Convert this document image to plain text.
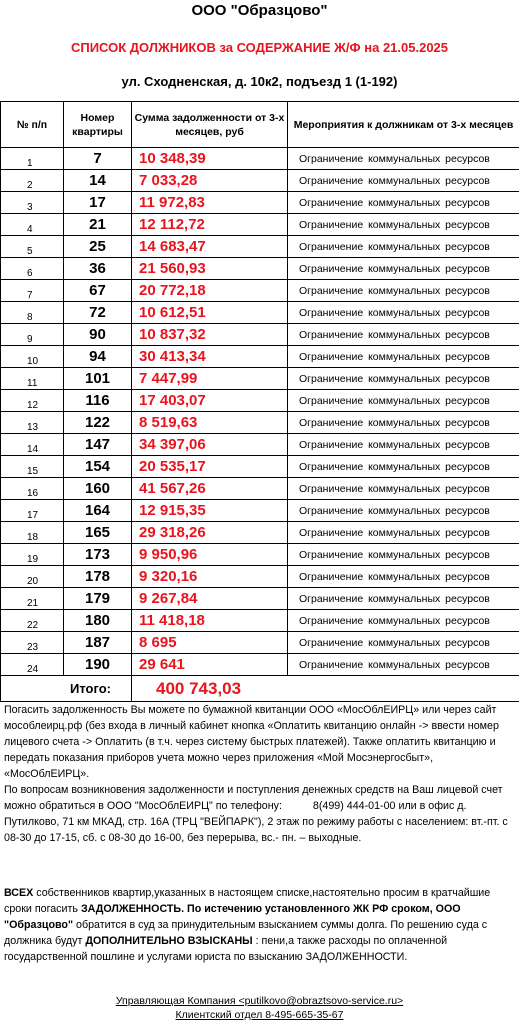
ООО "Образцово"
СПИСОК ДОЛЖНИКОВ за СОДЕРЖАНИЕ Ж/Ф на 21.05.2025
ул. Сходненская, д. 10к2, подъезд 1 (1-192)
№ п/п	Номер квартиры	Сумма задолженности от 3-х месяцев, руб	Мероприятия к должникам от 3-х месяцев
1	7	10 348,39	Ограничение коммунальных ресурсов
2	14	7 033,28	Ограничение коммунальных ресурсов
3	17	11 972,83	Ограничение коммунальных ресурсов
4	21	12 112,72	Ограничение коммунальных ресурсов
5	25	14 683,47	Ограничение коммунальных ресурсов
6	36	21 560,93	Ограничение коммунальных ресурсов
7	67	20 772,18	Ограничение коммунальных ресурсов
8	72	10 612,51	Ограничение коммунальных ресурсов
9	90	10 837,32	Ограничение коммунальных ресурсов
10	94	30 413,34	Ограничение коммунальных ресурсов
11	101	7 447,99	Ограничение коммунальных ресурсов
12	116	17 403,07	Ограничение коммунальных ресурсов
13	122	8 519,63	Ограничение коммунальных ресурсов
14	147	34 397,06	Ограничение коммунальных ресурсов
15	154	20 535,17	Ограничение коммунальных ресурсов
16	160	41 567,26	Ограничение коммунальных ресурсов
17	164	12 915,35	Ограничение коммунальных ресурсов
18	165	29 318,26	Ограничение коммунальных ресурсов
19	173	9 950,96	Ограничение коммунальных ресурсов
20	178	9 320,16	Ограничение коммунальных ресурсов
21	179	9 267,84	Ограничение коммунальных ресурсов
22	180	11 418,18	Ограничение коммунальных ресурсов
23	187	8 695	Ограничение коммунальных ресурсов
24	190	29 641	Ограничение коммунальных ресурсов
Итого:		400 743,03	

Погасить задолженность Вы можете по бумажной квитанции ООО «МосОблЕИРЦ» или через сайт мособлеирц.рф (без входа в личный кабинет кнопка «Оплатить квитанцию онлайн -> ввести номер лицевого счета -> Оплатить (в т.ч. через систему быстрых платежей). Также оплатить квитанцию и передать показания приборов учета можно через приложения «Мой Мосэнергосбыт», «МосОблЕИРЦ».

По вопросам возникновения задолженности и поступления денежных средств на Ваш лицевой счет можно обратиться в ООО "МосОблЕИРЦ" по телефону:	8(499) 444-01-00 или в офис д. Путилково, 71 км МКАД, стр. 16А (ТРЦ "ВЕЙПАРК"), 2 этаж по режиму работы с населением: вт.-пт. с 08-30 до 17-15, сб. с 08-30 до 16-00, без перерыва, вс.- пн. – выходные.

ВСЕХ собственников квартир,указанных в настоящем списке,настоятельно просим в кратчайшие сроки погасить ЗАДОЛЖЕННОСТЬ. По истечению установленного ЖК РФ сроком, ООО "Образцово" обратится в суд за принудительным взысканием суммы долга. По решению суда с должника будут ДОПОЛНИТЕЛЬНО ВЗЫСКАНЫ : пени,а также расходы по оплаченной государственной пошлине и услугами юриста по взысканию ЗАДОЛЖЕННОСТИ.

Управляющая Компания <putilkovo@obraztsovo-service.ru>
Клиентский отдел 8-495-665-35-67
